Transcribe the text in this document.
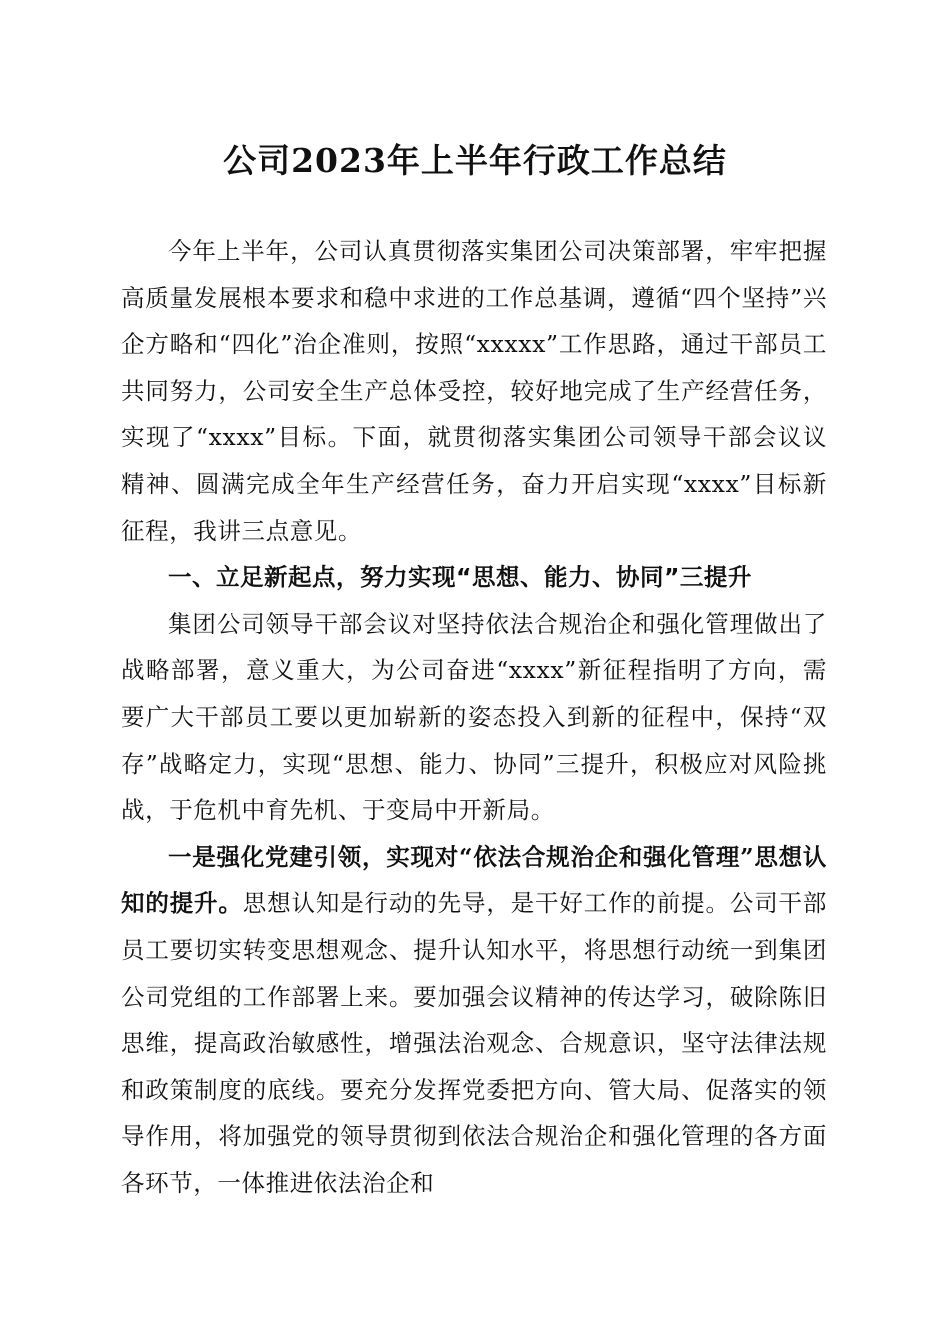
公司2023年上半年行政工作总结

今年上半年，公司认真贯彻落实集团公司决策部署，牢牢把握高质量发展根本要求和稳中求进的工作总基调，遵循“四个坚持”兴企方略和“四化”治企准则，按照“xxxxx”工作思路，通过干部员工共同努力，公司安全生产总体受控，较好地完成了生产经营任务，实现了“xxxx”目标。下面，就贯彻落实集团公司领导干部会议议精神、圆满完成全年生产经营任务，奋力开启实现“xxxx”目标新征程，我讲三点意见。

一、立足新起点，努力实现“思想、能力、协同”三提升

集团公司领导干部会议对坚持依法合规治企和强化管理做出了战略部署，意义重大，为公司奋进“xxxx”新征程指明了方向，需要广大干部员工要以更加崭新的姿态投入到新的征程中，保持“双存”战略定力，实现“思想、能力、协同”三提升，积极应对风险挑战，于危机中育先机、于变局中开新局。

一是强化党建引领，实现对“依法合规治企和强化管理”思想认知的提升。思想认知是行动的先导，是干好工作的前提。公司干部员工要切实转变思想观念、提升认知水平，将思想行动统一到集团公司党组的工作部署上来。要加强会议精神的传达学习，破除陈旧思维，提高政治敏感性，增强法治观念、合规意识，坚守法律法规和政策制度的底线。要充分发挥党委把方向、管大局、促落实的领导作用，将加强党的领导贯彻到依法合规治企和强化管理的各方面各环节，一体推进依法治企和
